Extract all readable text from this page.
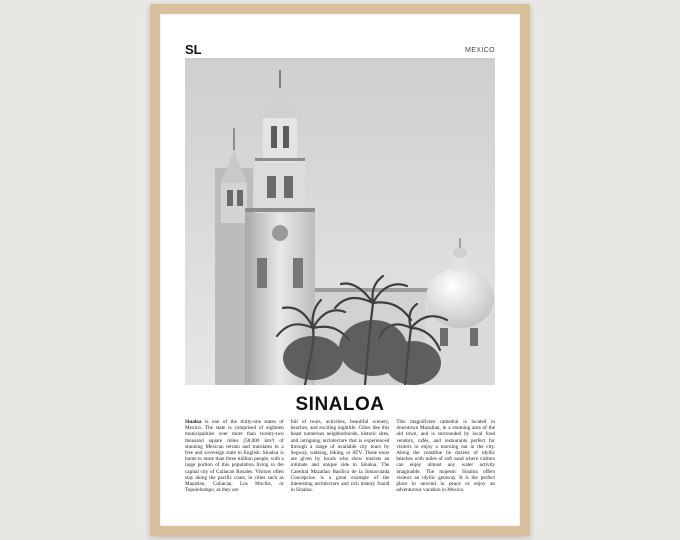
SL	MEXICO
SINALOA
Sinaloa is one of the thirty-one states of Mexico. The state is comprised of eighteen municipalities over more than twenty-two thousand square miles (58,000 km²) of stunning Mexican terrain and translates to a free and sovereign state in English. Sinaloa is home to more than three million people, with a large portion of this population living in the capital city of Culiacan Rosales. Visitors often stay along the pacific coast, in cities such as Mazatlan, Culiacan, Los Mochis, or Topolobampo, as they are
full of tours, activities, beautiful scenery, beaches, and exciting nightlife. Cities like this boast numerous neighborhoods, historic sites, and intriguing architecture that is experienced through a range of available city tours by Segway, walking, biking, or ATV. These tours are given by locals who show tourists an intimate and unique side to Sinaloa. The Catedral Mazatlan Basílica de la Inmaculada Concepcion is a great example of the interesting architecture and rich history found in Sinaloa.
This magnificent cathedral is located in downtown Mazatlan, in a stunning area of the old town, and is surrounded by local food vendors, cafés, and restaurants perfect for visitors to enjoy a morning out in the city. Along the coastline lie dozens of idyllic beaches with miles of soft sand where visitors can enjoy almost any water activity imaginable. The majestic Sinaloa offers visitors an idyllic getaway. It is the perfect place to unwind in peace or enjoy an adventurous vacation in Mexico.
